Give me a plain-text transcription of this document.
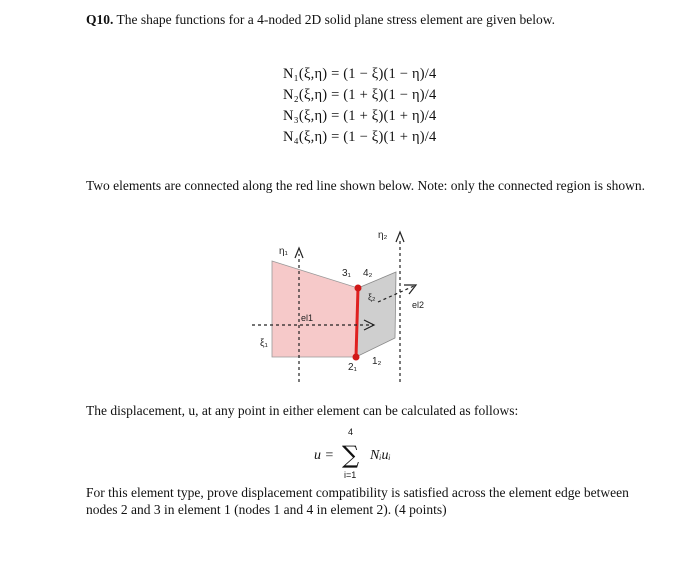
Q10. The shape functions for a 4-noded 2D solid plane stress element are given below.
N₁(ξ,η) = (1 − ξ)(1 − η)/4
N₂(ξ,η) = (1 + ξ)(1 − η)/4
N₃(ξ,η) = (1 + ξ)(1 + η)/4
N₄(ξ,η) = (1 − ξ)(1 + η)/4
Two elements are connected along the red line shown below. Note: only the connected region is shown.
η₁
ξ₁
el1
η₂
ξ₂
el2
3₁ 4₂
2₁
1₂
The displacement, u, at any point in either element can be calculated as follows:
u = ∑
4
i=1
Nᵢuᵢ
For this element type, prove displacement compatibility is satisfied across the element edge between nodes 2 and 3 in element 1 (nodes 1 and 4 in element 2). (4 points)
